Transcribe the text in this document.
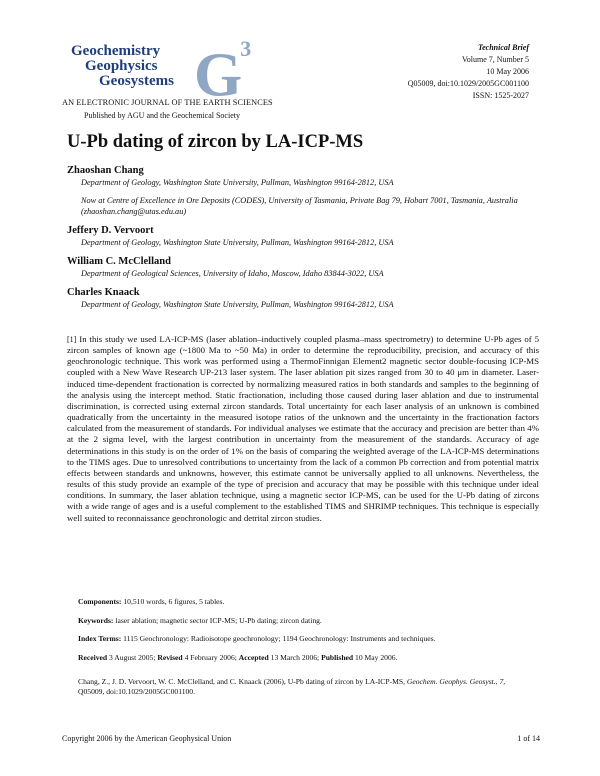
Geochemistry
Geophysics
Geosystems $G^3$
AN ELECTRONIC JOURNAL OF THE EARTH SCIENCES
Published by AGU and the Geochemical Society
Technical Brief
Volume 7, Number 5
10 May 2006
Q05009, doi:10.1029/2005GC001100
ISSN: 1525-2027
U-Pb dating of zircon by LA-ICP-MS

Zhaoshan Chang

Department of Geology, Washington State University, Pullman, Washington 99164-2812, USA

Now at Centre of Excellence in Ore Deposits (CODES), University of Tasmania, Private Bag 79, Hobart 7001, Tasmania, Australia (zhaoshan.chang@utas.edu.au)

Jeffery D. Vervoort

Department of Geology, Washington State University, Pullman, Washington 99164-2812, USA

William C. McClelland

Department of Geological Sciences, University of Idaho, Moscow, Idaho 83844-3022, USA

Charles Knaack

Department of Geology, Washington State University, Pullman, Washington 99164-2812, USA

[1] In this study we used LA-ICP-MS (laser ablation–inductively coupled plasma–mass spectrometry) to determine U-Pb ages of 5 zircon samples of known age (~1800 Ma to ~50 Ma) in order to determine the reproducibility, precision, and accuracy of this geochronologic technique. This work was performed using a ThermoFinnigan Element2 magnetic sector double-focusing ICP-MS coupled with a New Wave Research UP-213 laser system. The laser ablation pit sizes ranged from 30 to 40 μm in diameter. Laser-induced time-dependent fractionation is corrected by normalizing measured ratios in both standards and samples to the beginning of the analysis using the intercept method. Static fractionation, including those caused during laser ablation and due to instrumental discrimination, is corrected using external zircon standards. Total uncertainty for each laser analysis of an unknown is combined quadratically from the uncertainty in the measured isotope ratios of the unknown and the uncertainty in the fractionation factors calculated from the measurement of standards. For individual analyses we estimate that the accuracy and precision are better than 4% at the 2 sigma level, with the largest contribution in uncertainty from the measurement of the standards. Accuracy of age determinations in this study is on the order of 1% on the basis of comparing the weighted average of the LA-ICP-MS determinations to the TIMS ages. Due to unresolved contributions to uncertainty from the lack of a common Pb correction and from potential matrix effects between standards and unknowns, however, this estimate cannot be universally applied to all unknowns. Nevertheless, the results of this study provide an example of the type of precision and accuracy that may be possible with this technique under ideal conditions. In summary, the laser ablation technique, using a magnetic sector ICP-MS, can be used for the U-Pb dating of zircons with a wide range of ages and is a useful complement to the established TIMS and SHRIMP techniques. This technique is especially well suited to reconnaissance geochronologic and detrital zircon studies.

Components: 10,510 words, 6 figures, 5 tables.

Keywords: laser ablation; magnetic sector ICP-MS; U-Pb dating; zircon dating.

Index Terms: 1115 Geochronology: Radioisotope geochronology; 1194 Geochronology: Instruments and techniques.

Received 3 August 2005; Revised 4 February 2006; Accepted 13 March 2006; Published 10 May 2006.

Chang, Z., J. D. Vervoort, W. C. McClelland, and C. Knaack (2006), U-Pb dating of zircon by LA-ICP-MS, Geochem. Geophys. Geosyst., 7, Q05009, doi:10.1029/2005GC001100.

Copyright 2006 by the American Geophysical Union	1 of 14
